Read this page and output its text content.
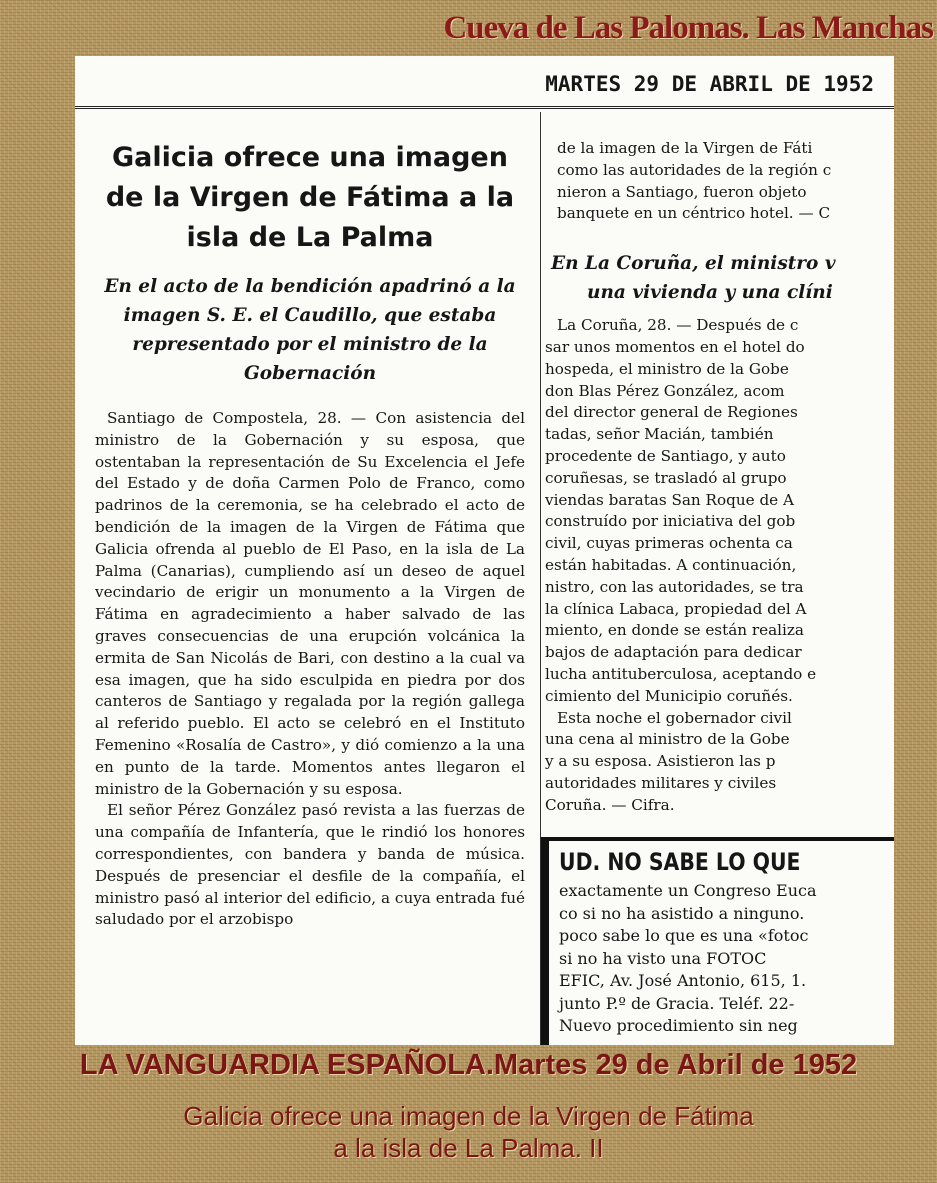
Cueva de Las Palomas. Las Manchas
MARTES 29 DE ABRIL DE 1952
Galicia ofrece una imagen de la Virgen de Fátima a la isla de La Palma
En el acto de la bendición apadrinó a la imagen S. E. el Caudillo, que estaba representado por el ministro de la Gobernación

Santiago de Compostela, 28. — Con asistencia del ministro de la Gobernación y su esposa, que ostentaban la representación de Su Excelencia el Jefe del Estado y de doña Carmen Polo de Franco, como padrinos de la ceremonia, se ha celebrado el acto de bendición de la imagen de la Virgen de Fátima que Galicia ofrenda al pueblo de El Paso, en la isla de La Palma (Canarias), cumpliendo así un deseo de aquel vecindario de erigir un monumento a la Virgen de Fátima en agradecimiento a haber salvado de las graves consecuencias de una erupción volcánica la ermita de San Nicolás de Bari, con destino a la cual va esa imagen, que ha sido esculpida en piedra por dos canteros de Santiago y regalada por la región gallega al referido pueblo. El acto se celebró en el Instituto Femenino «Rosalía de Castro», y dió comienzo a la una en punto de la tarde. Momentos antes llegaron el ministro de la Gobernación y su esposa.

El señor Pérez González pasó revista a las fuerzas de una compañía de Infantería, que le rindió los honores correspondientes, con bandera y banda de música. Después de presenciar el desfile de la compañía, el ministro pasó al interior del edificio, a cuya entrada fué saludado por el arzobispo

de la imagen de la Virgen de Fáti

como las autoridades de la región c

nieron a Santiago, fueron objeto

banquete en un céntrico hotel. — C

En La Coruña, el ministro v
una vivienda y una clíni

La Coruña, 28. — Después de c

sar unos momentos en el hotel do

hospeda, el ministro de la Gobe

don Blas Pérez González, acom

del director general de Regiones

tadas, señor Macián, también

procedente de Santiago, y auto

coruñesas, se trasladó al grupo

viendas baratas San Roque de A

construído por iniciativa del gob

civil, cuyas primeras ochenta ca

están habitadas. A continuación,

nistro, con las autoridades, se tra

la clínica Labaca, propiedad del A

miento, en donde se están realiza

bajos de adaptación para dedicar

lucha antituberculosa, aceptando e

cimiento del Municipio coruñés.

Esta noche el gobernador civil

una cena al ministro de la Gobe

y a su esposa. Asistieron las p

autoridades militares y civiles

Coruña. — Cifra.

UD. NO SABE LO QUE

exactamente un Congreso Euca

co si no ha asistido a ninguno.

poco sabe lo que es una «fotoc

si no ha visto una FOTOC

EFIC, Av. José Antonio, 615, 1.

junto P.º de Gracia. Teléf. 22-

Nuevo procedimiento sin neg

LA VANGUARDIA ESPAÑOLA.Martes 29 de Abril de 1952

Galicia ofrece una imagen de la Virgen de Fátima
a la isla de La Palma. II
